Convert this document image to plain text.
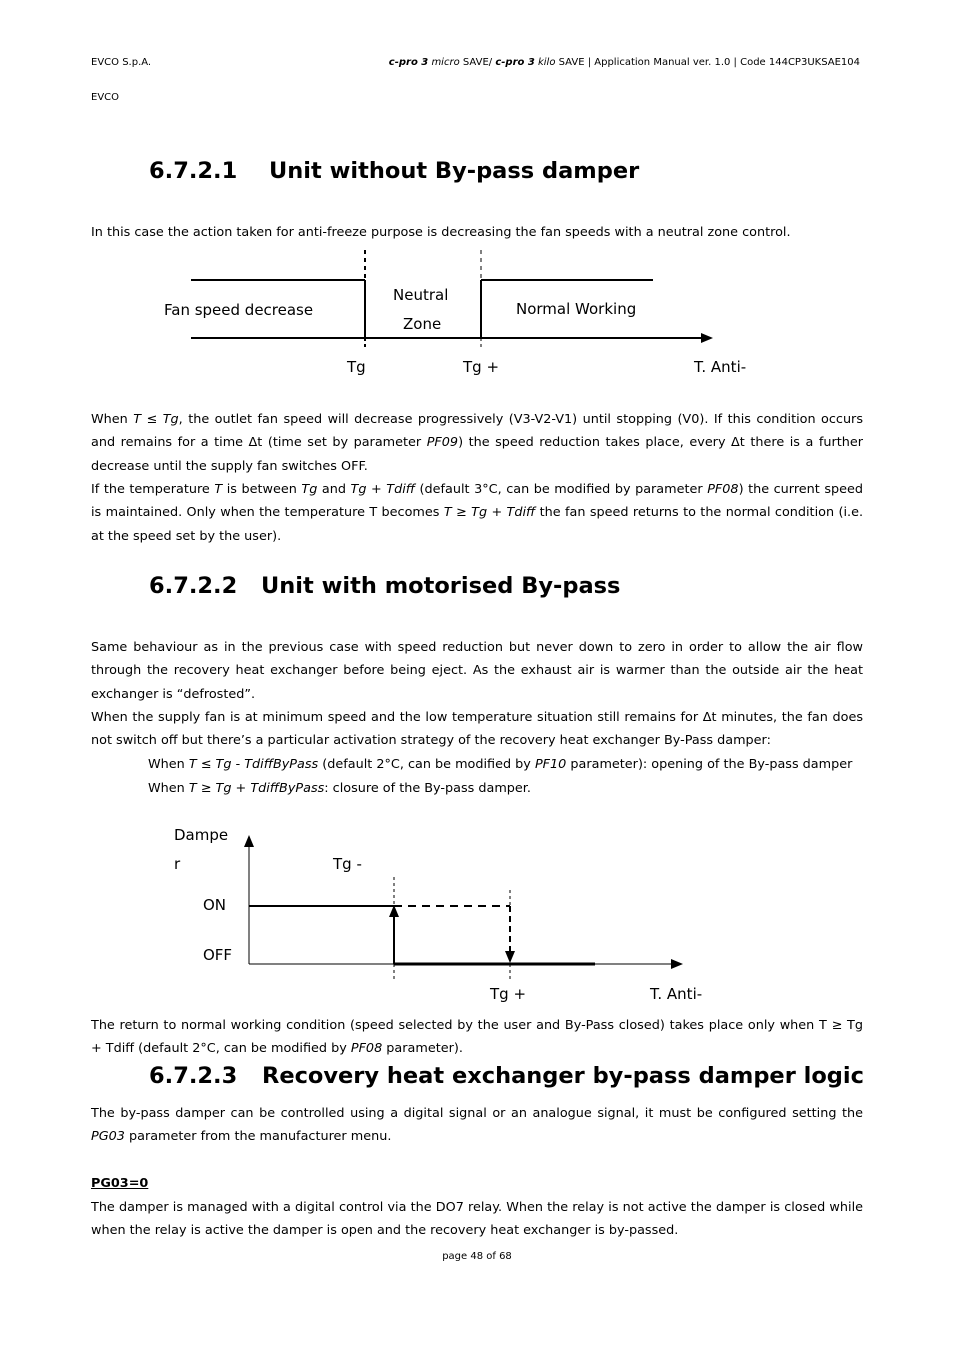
EVCO S.p.A.	c-pro 3 micro SAVE/ c-pro 3 kilo SAVE | Application Manual ver. 1.0 | Code 144CP3UKSAE104
EVCO
6.7.2.1 Unit without By-pass damper
In this case the action taken for anti-freeze purpose is decreasing the fan speeds with a neutral zone control.
Fan speed decrease
Neutral
Zone
Normal Working
Tg	Tg +	T. Anti-
When T ≤ Tg, the outlet fan speed will decrease progressively (V3-V2-V1) until stopping (V0). If this condition occurs and remains for a time Δt (time set by parameter PF09) the speed reduction takes place, every Δt there is a further decrease until the supply fan switches OFF.
If the temperature T is between Tg and Tg + Tdiff (default 3°C, can be modified by parameter PF08) the current speed is maintained. Only when the temperature T becomes T ≥ Tg + Tdiff the fan speed returns to the normal condition (i.e. at the speed set by the user).
6.7.2.2 Unit with motorised By-pass
Same behaviour as in the previous case with speed reduction but never down to zero in order to allow the air flow through the recovery heat exchanger before being eject. As the exhaust air is warmer than the outside air the heat exchanger is “defrosted”.
When the supply fan is at minimum speed and the low temperature situation still remains for Δt minutes, the fan does not switch off but there’s a particular activation strategy of the recovery heat exchanger By-Pass damper:
When T ≤ Tg - TdiffByPass (default 2°C, can be modified by PF10 parameter): opening of the By-pass damper
When T ≥ Tg + TdiffByPass: closure of the By-pass damper.
Dampe
r	Tg -
ON
OFF
Tg +	T. Anti-
The return to normal working condition (speed selected by the user and By-Pass closed) takes place only when T ≥ Tg + Tdiff (default 2°C, can be modified by PF08 parameter).
6.7.2.3 Recovery heat exchanger by-pass damper logic
The by-pass damper can be controlled using a digital signal or an analogue signal, it must be configured setting the PG03 parameter from the manufacturer menu.
PG03=0
The damper is managed with a digital control via the DO7 relay. When the relay is not active the damper is closed while when the relay is active the damper is open and the recovery heat exchanger is by-passed.
page 48 of 68
